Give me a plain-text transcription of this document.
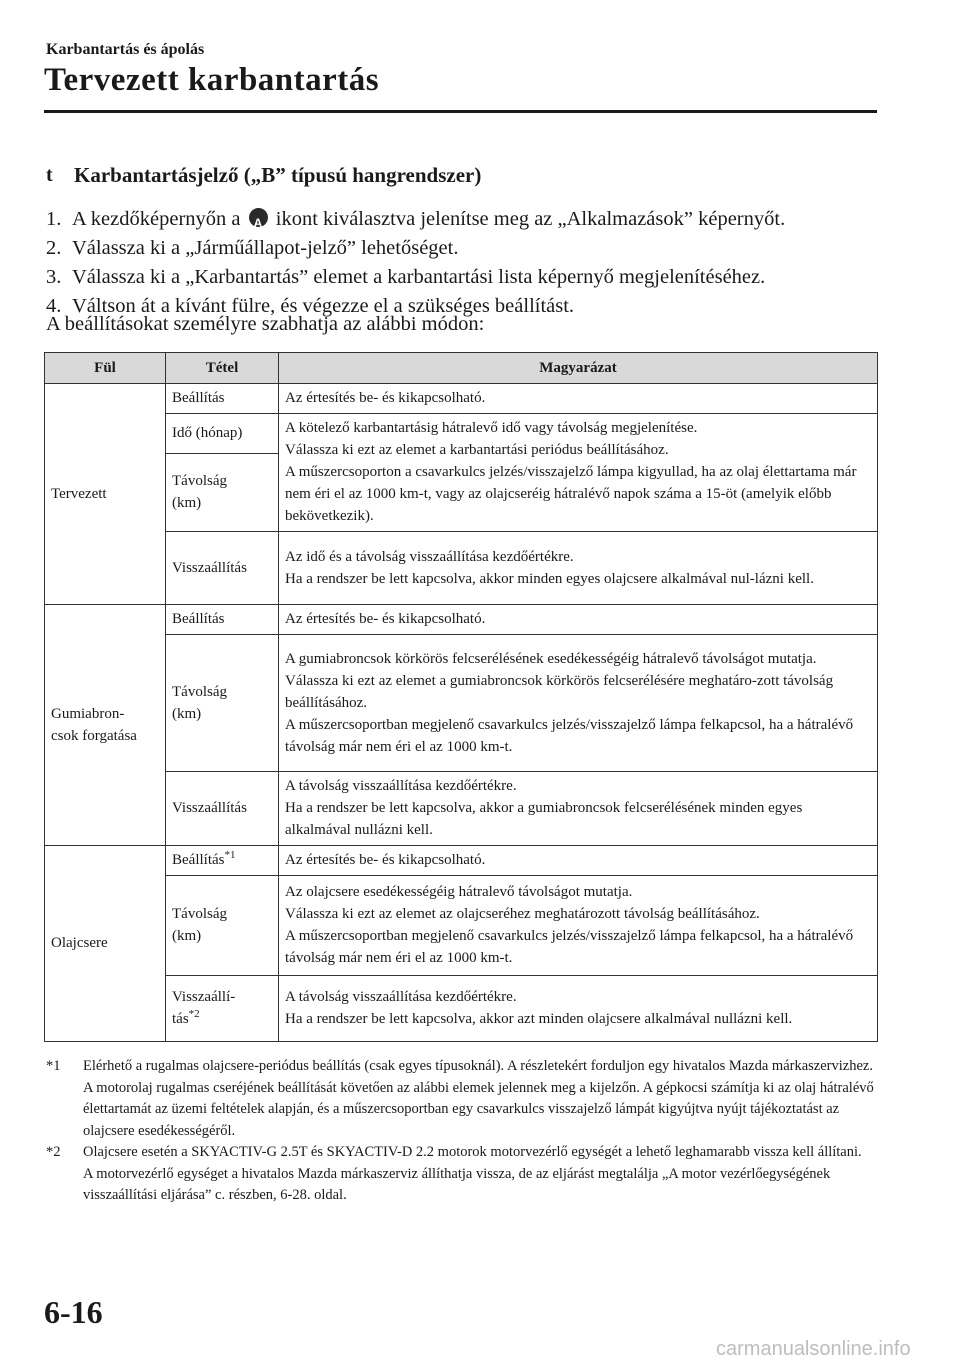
Karbantartás és ápolás
Tervezett karbantartás
t	Karbantartásjelző („B” típusú hangrendszer)
1. A kezdőképernyőn a A ikont kiválasztva jelenítse meg az „Alkalmazások” képernyőt.
2. Válassza ki a „Járműállapot-jelző” lehetőséget.
3. Válassza ki a „Karbantartás” elemet a karbantartási lista képernyő megjelenítéséhez.
4. Váltson át a kívánt fülre, és végezze el a szükséges beállítást.
A beállításokat személyre szabhatja az alábbi módon:
Fül	Tétel	Magyarázat
Tervezett	Beállítás	Az értesítés be- és kikapcsolható.
	Idő (hónap)	A kötelező karbantartásig hátralevő idő vagy távolság megjelenítése.
Válassza ki ezt az elemet a karbantartási periódus beállításához.
A műszercsoporton a csavarkulcs jelzés/visszajelző lámpa kigyullad, ha az olaj élettartama már nem éri el az 1000 km-t, vagy az olajcseréig hátralévő napok száma a 15-öt (amelyik előbb bekövetkezik).
	Távolság
(km)	
	Visszaállítás	Az idő és a távolság visszaállítása kezdőértékre.
Ha a rendszer be lett kapcsolva, akkor minden egyes olajcsere alkalmával nul-lázni kell.
Gumiabron-
csok forgatása	Beállítás	Az értesítés be- és kikapcsolható.
	Távolság
(km)	A gumiabroncsok körkörös felcserélésének esedékességéig hátralevő távolságot mutatja.
Válassza ki ezt az elemet a gumiabroncsok körkörös felcserélésére meghatáro-zott távolság beállításához.
A műszercsoportban megjelenő csavarkulcs jelzés/visszajelző lámpa felkapcsol, ha a hátralévő távolság már nem éri el az 1000 km-t.
	Visszaállítás	A távolság visszaállítása kezdőértékre.
Ha a rendszer be lett kapcsolva, akkor a gumiabroncsok felcserélésének minden egyes alkalmával nullázni kell.
Olajcsere	Beállítás$^{*1}$	Az értesítés be- és kikapcsolható.
	Távolság
(km)	Az olajcsere esedékességéig hátralevő távolságot mutatja.
Válassza ki ezt az elemet az olajcseréhez meghatározott távolság beállításához.
A műszercsoportban megjelenő csavarkulcs jelzés/visszajelző lámpa felkapcsol, ha a hátralévő távolság már nem éri el az 1000 km-t.
	Visszaállí-
tás$^{*2}$	A távolság visszaállítása kezdőértékre.
Ha a rendszer be lett kapcsolva, akkor azt minden olajcsere alkalmával nullázni kell.
*1	Elérhető a rugalmas olajcsere-periódus beállítás (csak egyes típusoknál). A részletekért forduljon egy hivatalos Mazda márkaszervizhez.

A motorolaj rugalmas cseréjének beállítását követően az alábbi elemek jelennek meg a kijelzőn. A gépkocsi számítja ki az olaj hátralévő élettartamát az üzemi feltételek alapján, és a műszercsoportban egy csavarkulcs visszajelző lámpát kigyújtva nyújt tájékoztatást az olajcsere esedékességéről.

*2	Olajcsere esetén a SKYACTIV-G 2.5T és SKYACTIV-D 2.2 motorok motorvezérlő egységét a lehető leghamarabb vissza kell állítani.

A motorvezérlő egységet a hivatalos Mazda márkaszerviz állíthatja vissza, de az eljárást megtalálja „A motor vezérlőegységének visszaállítási eljárása” c. részben, 6-28. oldal.

6-16
carmanualsonline.info
